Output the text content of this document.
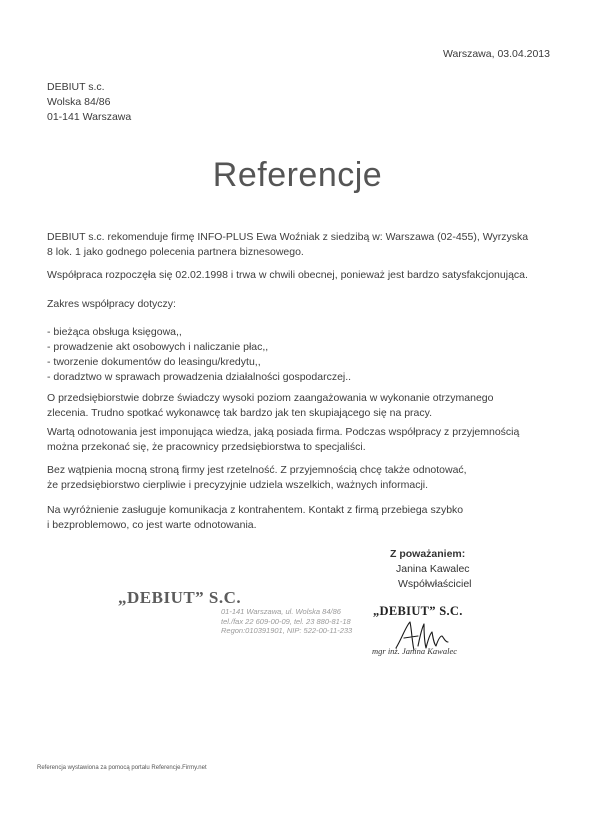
Warszawa, 03.04.2013
DEBIUT s.c.
Wolska 84/86
01-141 Warszawa
Referencje
DEBIUT s.c. rekomenduje firmę INFO-PLUS Ewa Woźniak z siedzibą w: Warszawa (02-455), Wyrzyska
8 lok. 1 jako godnego polecenia partnera biznesowego.
Współpraca rozpoczęła się 02.02.1998 i trwa w chwili obecnej, ponieważ jest bardzo satysfakcjonująca.
Zakres współpracy dotyczy:
- bieżąca obsługa księgowa,,
- prowadzenie akt osobowych i naliczanie płac,,
- tworzenie dokumentów do leasingu/kredytu,,
- doradztwo w sprawach prowadzenia działalności gospodarczej..
O przedsiębiorstwie dobrze świadczy wysoki poziom zaangażowania w wykonanie otrzymanego
zlecenia. Trudno spotkać wykonawcę tak bardzo jak ten skupiającego się na pracy.
Wartą odnotowania jest imponująca wiedza, jaką posiada firma. Podczas współpracy z przyjemnością
można przekonać się, że pracownicy przedsiębiorstwa to specjaliści.
Bez wątpienia mocną stroną firmy jest rzetelność. Z przyjemnością chcę także odnotować,
że przedsiębiorstwo cierpliwie i precyzyjnie udziela wszelkich, ważnych informacji.
Na wyróżnienie zasługuje komunikacja z kontrahentem. Kontakt z firmą przebiega szybko
i bezproblemowo, co jest warte odnotowania.
Z poważaniem:
Janina Kawalec
Współwłaściciel
„DEBIUT” S.C.
01-141 Warszawa, ul. Wolska 84/86
tel./fax 22 609-00-09, tel. 23 880-81-18
Regon:010391901, NIP: 522-00-11-233
„DEBIUT” S.C.
mgr inż. Janina Kawalec
Referencja wystawiona za pomocą portalu Referencje.Firmy.net
